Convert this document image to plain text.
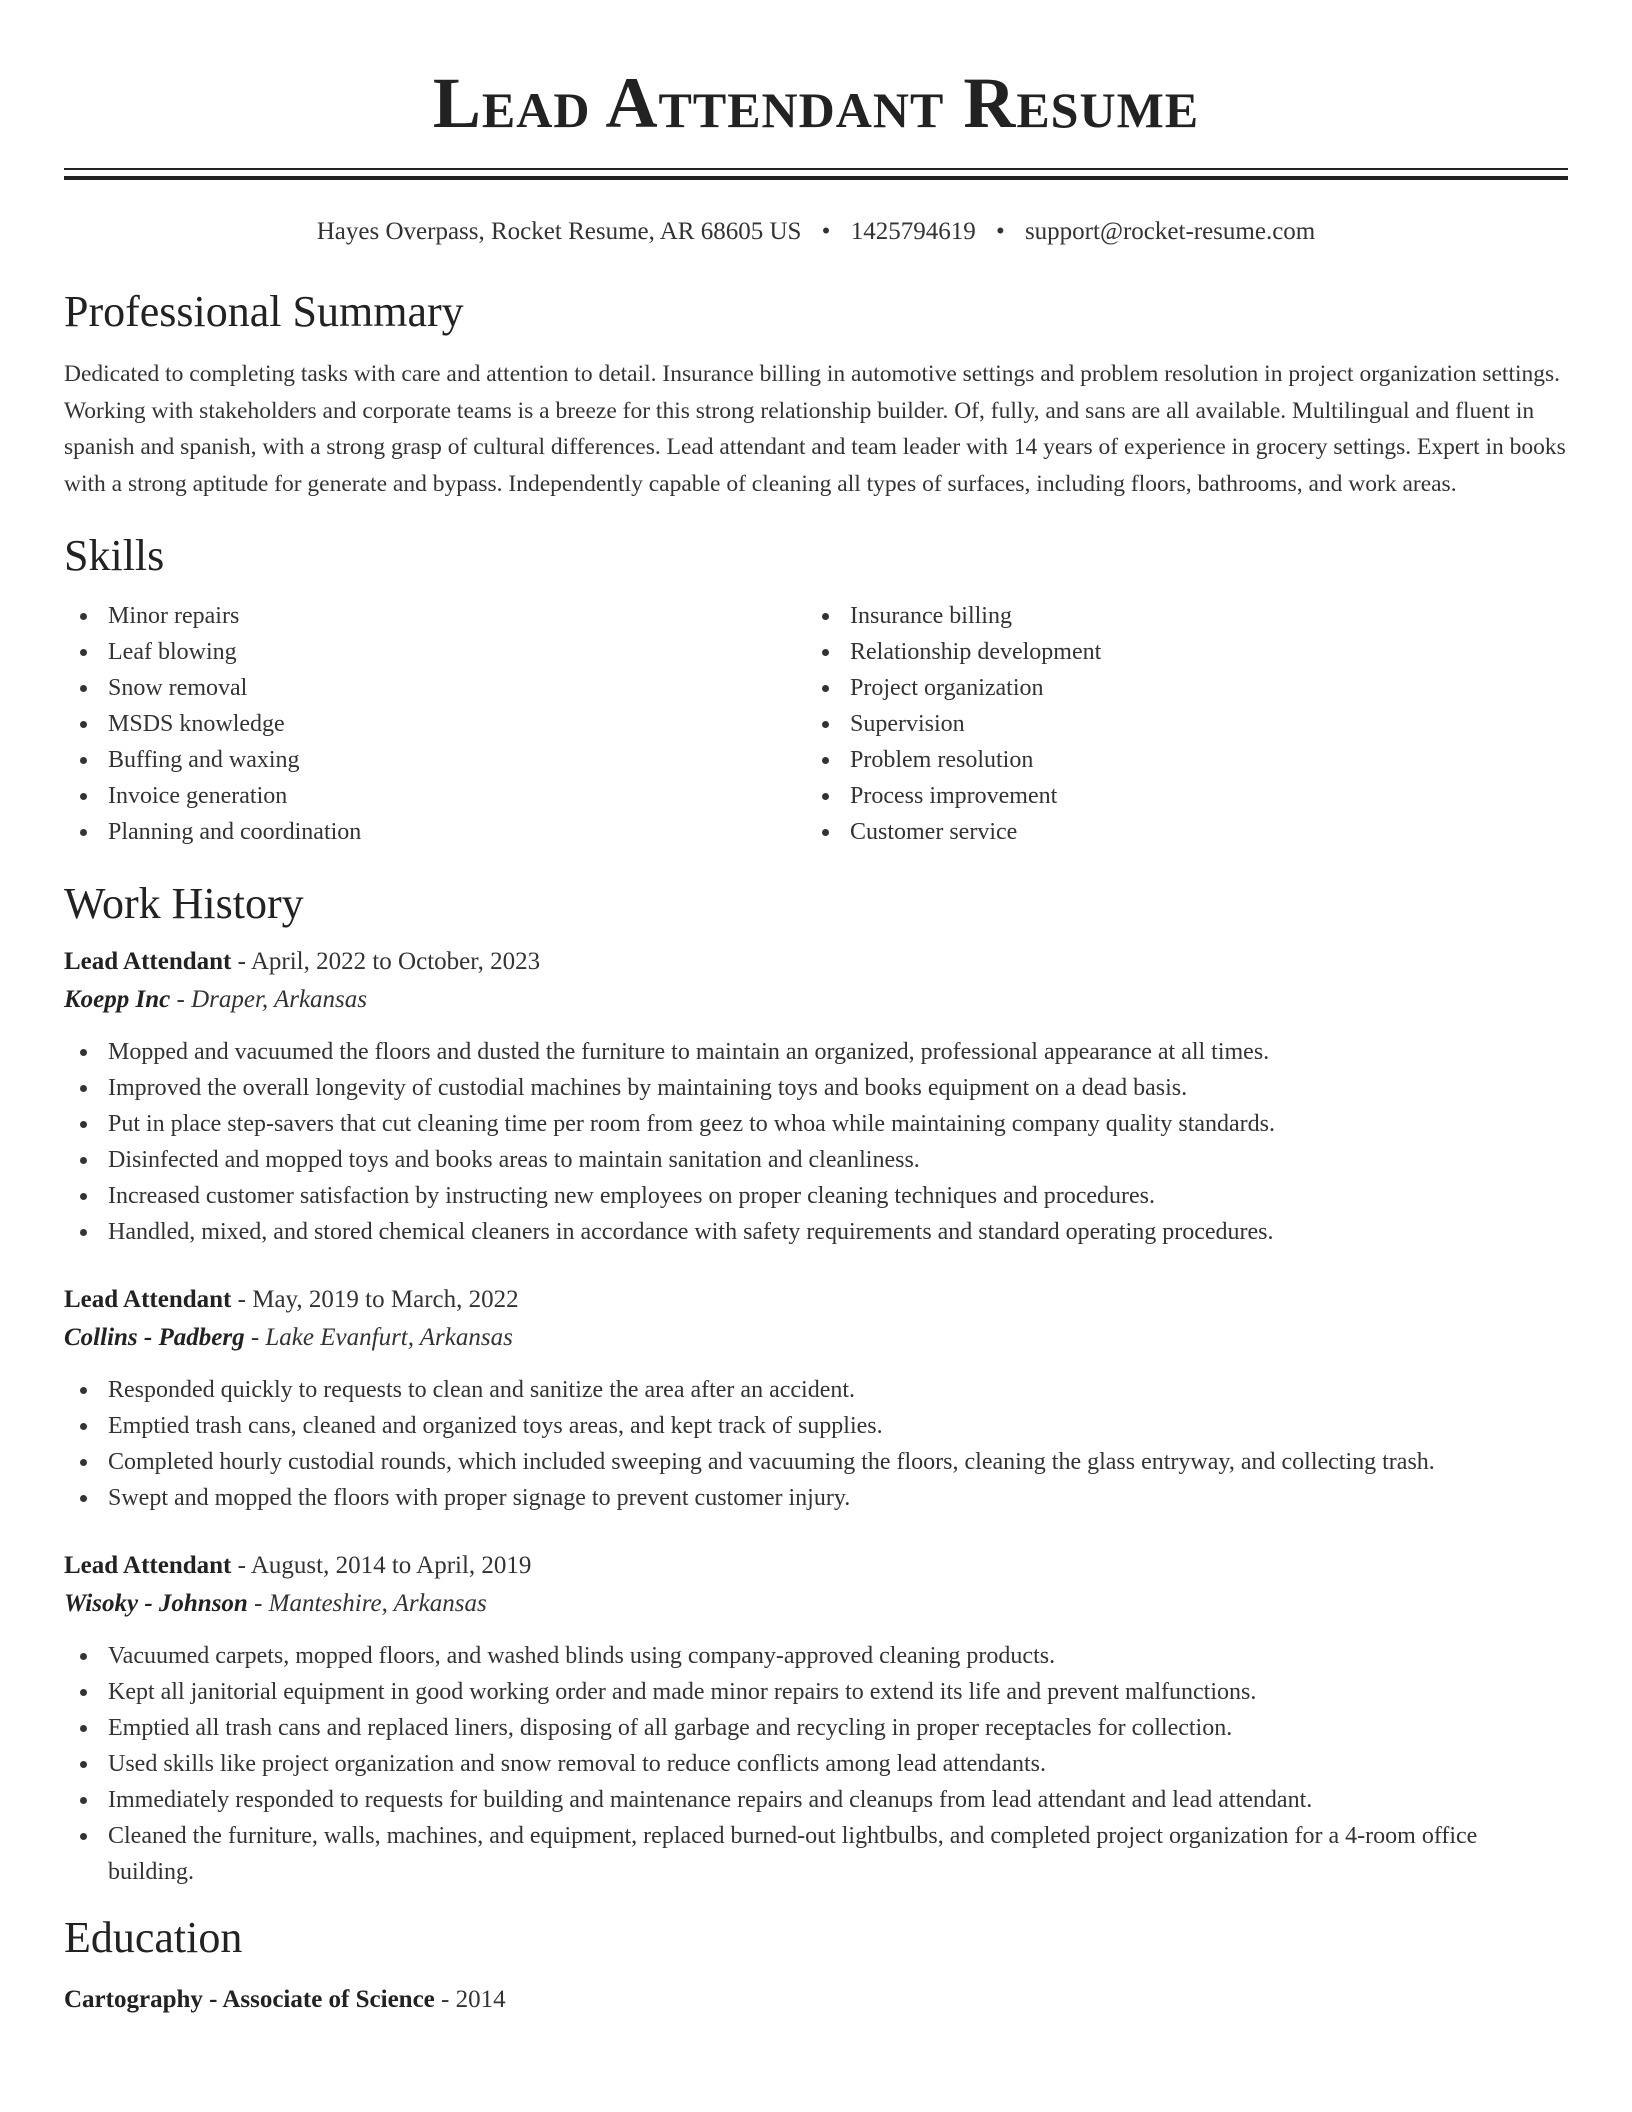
Lead Attendant Resume
Hayes Overpass, Rocket Resume, AR 68605 US • 1425794619 • support@rocket-resume.com
Professional Summary

Dedicated to completing tasks with care and attention to detail. Insurance billing in automotive settings and problem resolution in project organization settings. Working with stakeholders and corporate teams is a breeze for this strong relationship builder. Of, fully, and sans are all available. Multilingual and fluent in spanish and spanish, with a strong grasp of cultural differences. Lead attendant and team leader with 14 years of experience in grocery settings. Expert in books with a strong aptitude for generate and bypass. Independently capable of cleaning all types of surfaces, including floors, bathrooms, and work areas.

Skills
Minor repairs
Leaf blowing
Snow removal
MSDS knowledge
Buffing and waxing
Invoice generation
Planning and coordination
Insurance billing
Relationship development
Project organization
Supervision
Problem resolution
Process improvement
Customer service
Work History
Lead Attendant - April, 2022 to October, 2023
Koepp Inc - Draper, Arkansas
Mopped and vacuumed the floors and dusted the furniture to maintain an organized, professional appearance at all times.
Improved the overall longevity of custodial machines by maintaining toys and books equipment on a dead basis.
Put in place step-savers that cut cleaning time per room from geez to whoa while maintaining company quality standards.
Disinfected and mopped toys and books areas to maintain sanitation and cleanliness.
Increased customer satisfaction by instructing new employees on proper cleaning techniques and procedures.
Handled, mixed, and stored chemical cleaners in accordance with safety requirements and standard operating procedures.
Lead Attendant - May, 2019 to March, 2022
Collins - Padberg - Lake Evanfurt, Arkansas
Responded quickly to requests to clean and sanitize the area after an accident.
Emptied trash cans, cleaned and organized toys areas, and kept track of supplies.
Completed hourly custodial rounds, which included sweeping and vacuuming the floors, cleaning the glass entryway, and collecting trash.
Swept and mopped the floors with proper signage to prevent customer injury.
Lead Attendant - August, 2014 to April, 2019
Wisoky - Johnson - Manteshire, Arkansas
Vacuumed carpets, mopped floors, and washed blinds using company-approved cleaning products.
Kept all janitorial equipment in good working order and made minor repairs to extend its life and prevent malfunctions.
Emptied all trash cans and replaced liners, disposing of all garbage and recycling in proper receptacles for collection.
Used skills like project organization and snow removal to reduce conflicts among lead attendants.
Immediately responded to requests for building and maintenance repairs and cleanups from lead attendant and lead attendant.
Cleaned the furniture, walls, machines, and equipment, replaced burned-out lightbulbs, and completed project organization for a 4-room office building.
Education
Cartography - Associate of Science - 2014
